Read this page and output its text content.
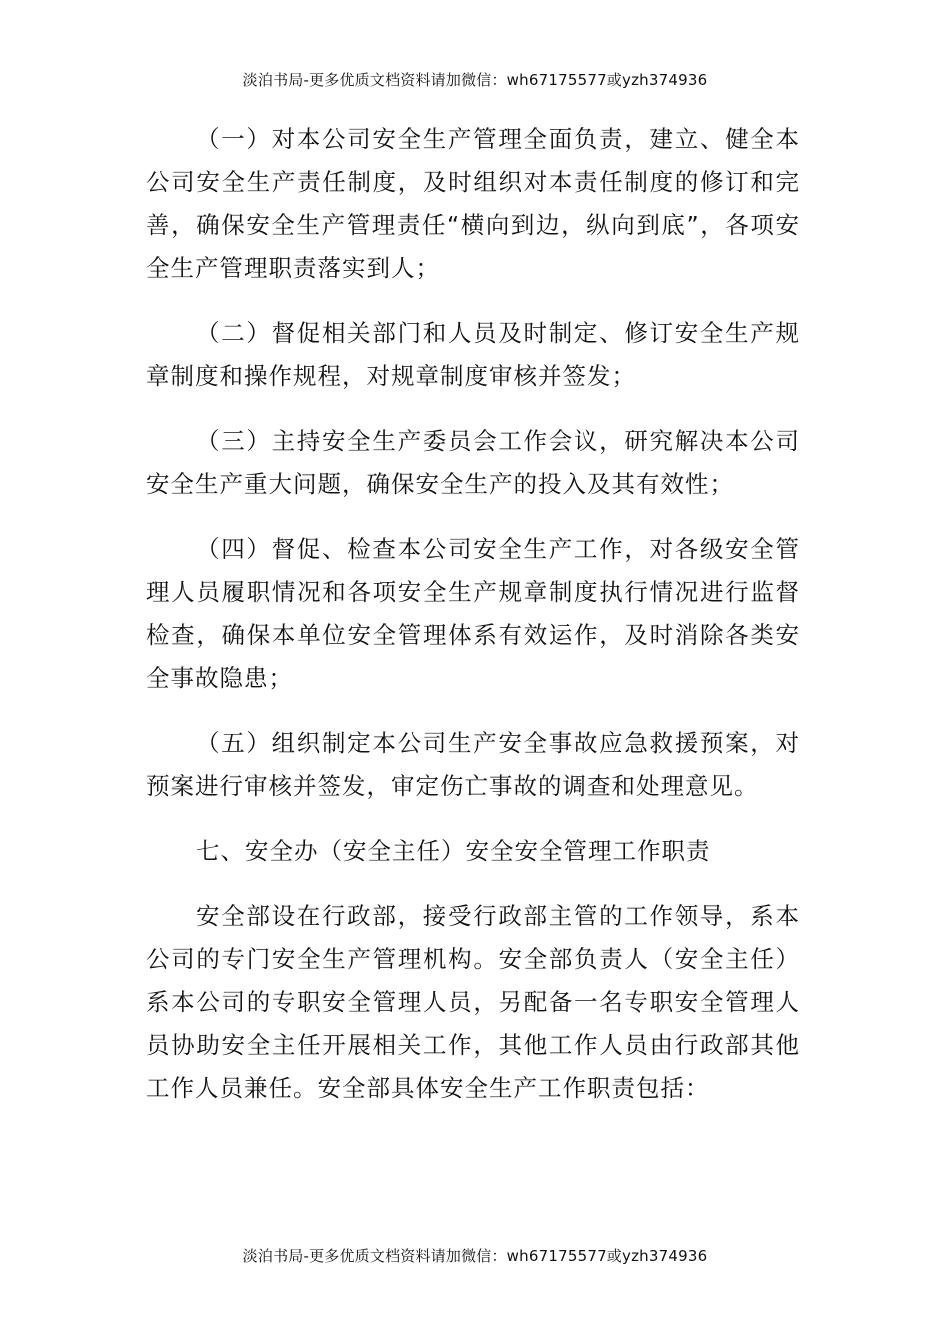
淡泊书局-更多优质文档资料请加微信：wh67175577或yzh374936

（一）对本公司安全生产管理全面负责，建立、健全本公司安全生产责任制度，及时组织对本责任制度的修订和完善，确保安全生产管理责任“横向到边，纵向到底”，各项安全生产管理职责落实到人；

（二）督促相关部门和人员及时制定、修订安全生产规章制度和操作规程，对规章制度审核并签发；

（三）主持安全生产委员会工作会议，研究解决本公司安全生产重大问题，确保安全生产的投入及其有效性；

（四）督促、检查本公司安全生产工作，对各级安全管理人员履职情况和各项安全生产规章制度执行情况进行监督检查，确保本单位安全管理体系有效运作，及时消除各类安全事故隐患；

（五）组织制定本公司生产安全事故应急救援预案，对预案进行审核并签发，审定伤亡事故的调查和处理意见。

七、安全办（安全主任）安全安全管理工作职责

安全部设在行政部，接受行政部主管的工作领导，系本公司的专门安全生产管理机构。安全部负责人（安全主任）系本公司的专职安全管理人员，另配备一名专职安全管理人员协助安全主任开展相关工作，其他工作人员由行政部其他工作人员兼任。安全部具体安全生产工作职责包括：

淡泊书局-更多优质文档资料请加微信：wh67175577或yzh374936
